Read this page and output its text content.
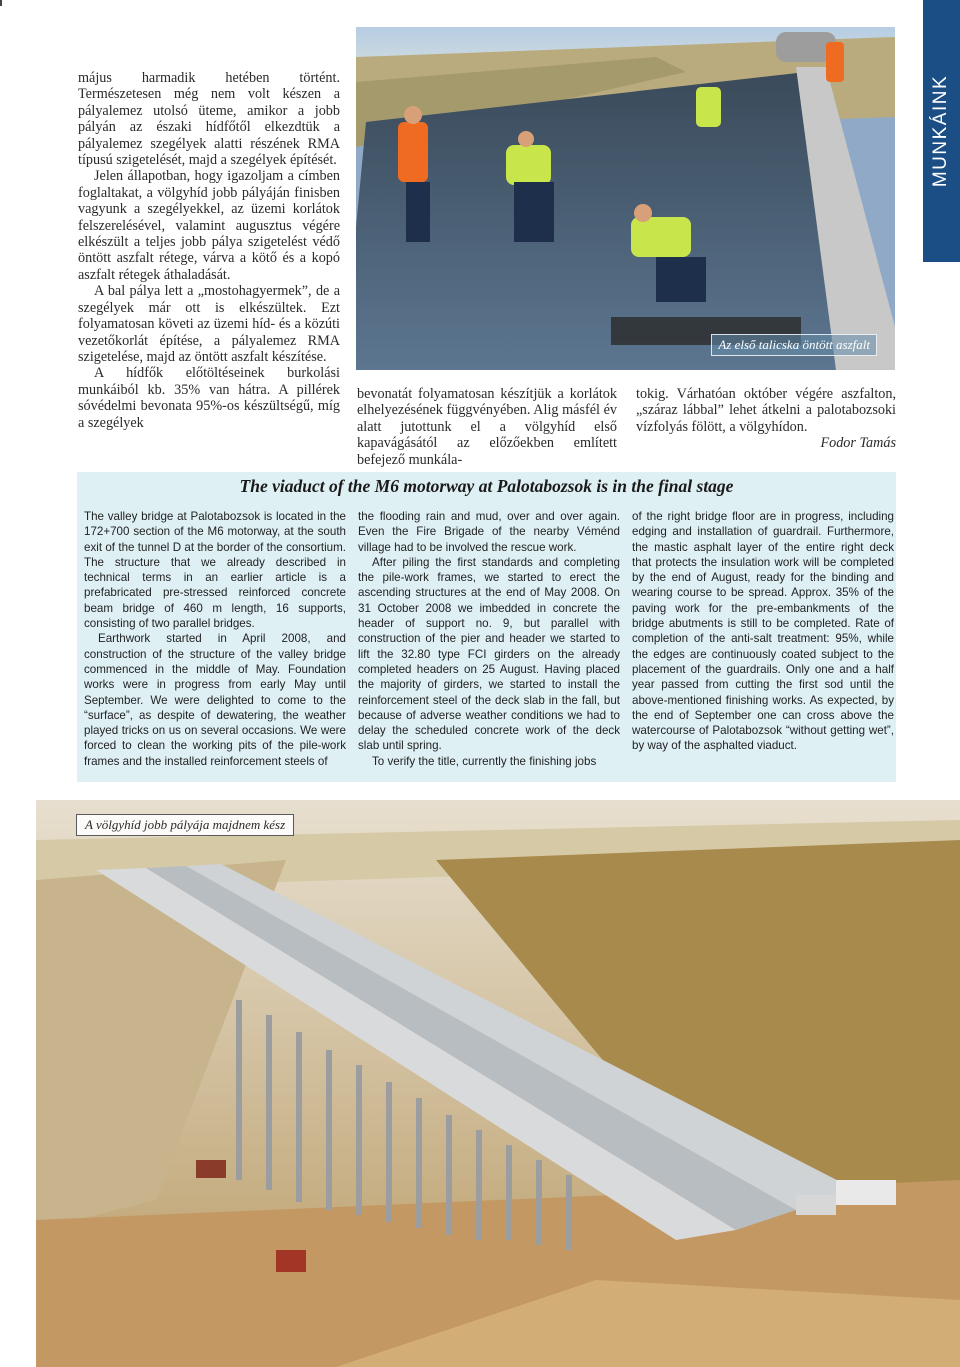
május harmadik hetében történt. Természetesen még nem volt készen a pályalemez utolsó üteme, amikor a jobb pályán az északi hídfőtől elkezdtük a pályalemez szegélyek alatti részének RMA típusú szigetelését, majd a szegélyek építését.

Jelen állapotban, hogy igazoljam a címben foglaltakat, a völgyhíd jobb pályáján finisben vagyunk a szegélyekkel, az üzemi korlátok felszerelésével, valamint augusztus végére elkészült a teljes jobb pálya szigetelést védő öntött aszfalt rétege, várva a kötő és a kopó aszfalt rétegek áthaladását.

A bal pálya lett a „mostohagyermek”, de a szegélyek már ott is elkészültek. Ezt folyamatosan követi az üzemi híd- és a közúti vezetőkorlát építése, a pályalemez RMA szigetelése, majd az öntött aszfalt készítése.

A hídfők előtöltéseinek burkolási munkáiból kb. 35% van hátra. A pillérek sóvédelmi bevonata 95%-os készültségű, míg a szegélyek

Az első talicska öntött aszfalt
MUNKÁINK

bevonatát folyamatosan készítjük a korlátok elhelyezésének függvényében. Alig másfél év alatt jutottunk el a völgyhíd első kapavágásától az előzőekben említett befejező munkála-

tokig. Várhatóan október végére aszfalton, „száraz lábbal” lehet átkelni a palotabozsoki vízfolyás fölött, a völgyhídon.

Fodor Tamás

The viaduct of the M6 motorway at Palotabozsok is in the final stage

The valley bridge at Palotabozsok is located in the 172+700 section of the M6 motorway, at the south exit of the tunnel D at the border of the consortium. The structure that we already described in technical terms in an earlier article is a prefabricated pre-stressed reinforced concrete beam bridge of 460 m length, 16 supports, consisting of two parallel bridges.

Earthwork started in April 2008, and construction of the structure of the valley bridge commenced in the middle of May. Foundation works were in progress from early May until September. We were delighted to come to the “surface”, as despite of dewatering, the weather played tricks on us on several occasions. We were forced to clean the working pits of the pile-work frames and the installed reinforcement steels of

the flooding rain and mud, over and over again. Even the Fire Brigade of the nearby Véménd village had to be involved the rescue work.

After piling the first standards and completing the pile-work frames, we started to erect the ascending structures at the end of May 2008. On 31 October 2008 we imbedded in concrete the header of support no. 9, but parallel with construction of the pier and header we started to lift the 32.80 type FCI girders on the already completed headers on 25 August. Having placed the majority of girders, we started to install the reinforcement steel of the deck slab in the fall, but because of adverse weather conditions we had to delay the scheduled concrete work of the deck slab until spring.

To verify the title, currently the finishing jobs

of the right bridge floor are in progress, including edging and installation of guardrail. Furthermore, the mastic asphalt layer of the entire right deck that protects the insulation work will be completed by the end of August, ready for the binding and wearing course to be spread. Approx. 35% of the paving work for the pre-embankments of the bridge abutments is still to be completed. Rate of completion of the anti-salt treatment: 95%, while the edges are continuously coated subject to the placement of the guardrails. Only one and a half year passed from cutting the first sod until the above-mentioned finishing works. As expected, by the end of September one can cross above the watercourse of Palotabozsok “without getting wet”, by way of the asphalted viaduct.

A völgyhíd jobb pályája majdnem kész
